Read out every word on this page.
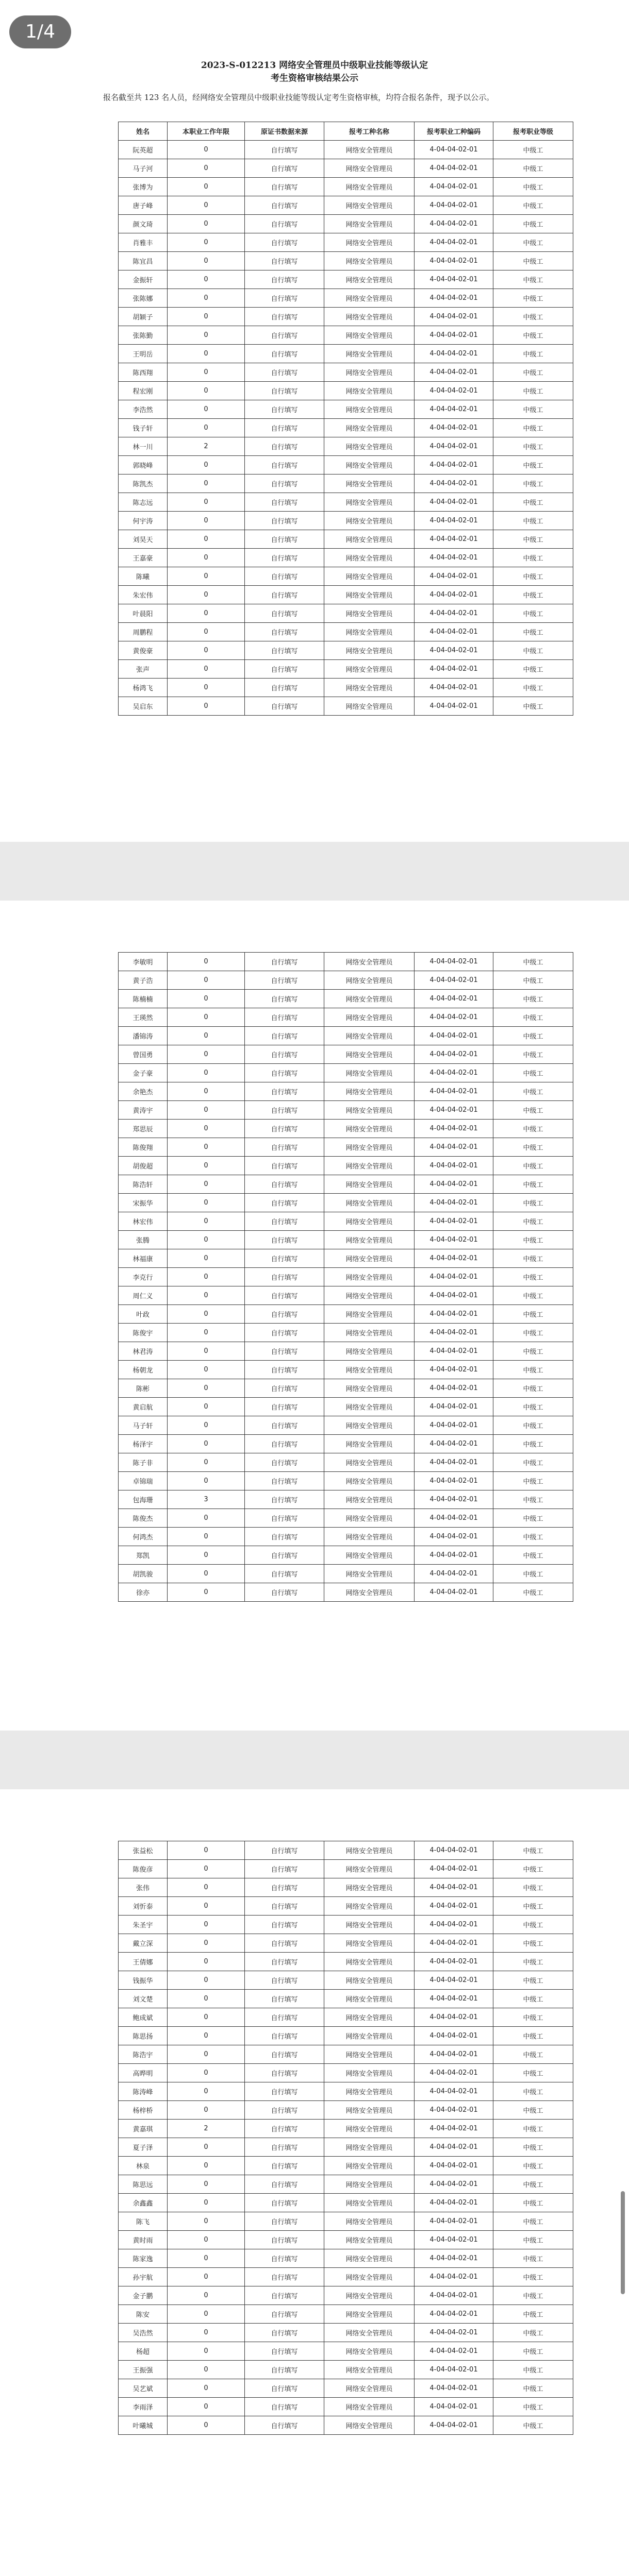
2023-S-012213 网络安全管理员中级职业技能等级认定
考生资格审核结果公示

报名截至共 123 名人员，经网络安全管理员中级职业技能等级认定考生资格审核，均符合报名条件，现予以公示。

姓名	本职业工作年限	原证书数据来源	报考工种名称	报考职业工种编码	报考职业等级
阮英超	0	自行填写	网络安全管理员	4-04-04-02-01	中级工
马子河	0	自行填写	网络安全管理员	4-04-04-02-01	中级工
张博为	0	自行填写	网络安全管理员	4-04-04-02-01	中级工
唐子峰	0	自行填写	网络安全管理员	4-04-04-02-01	中级工
颜文琦	0	自行填写	网络安全管理员	4-04-04-02-01	中级工
肖雅丰	0	自行填写	网络安全管理员	4-04-04-02-01	中级工
陈宜昌	0	自行填写	网络安全管理员	4-04-04-02-01	中级工
金振轩	0	自行填写	网络安全管理员	4-04-04-02-01	中级工
张陈娜	0	自行填写	网络安全管理员	4-04-04-02-01	中级工
胡颖子	0	自行填写	网络安全管理员	4-04-04-02-01	中级工
张陈勤	0	自行填写	网络安全管理员	4-04-04-02-01	中级工
王明岳	0	自行填写	网络安全管理员	4-04-04-02-01	中级工
陈西翔	0	自行填写	网络安全管理员	4-04-04-02-01	中级工
程宏刚	0	自行填写	网络安全管理员	4-04-04-02-01	中级工
李浩然	0	自行填写	网络安全管理员	4-04-04-02-01	中级工
钱子轩	0	自行填写	网络安全管理员	4-04-04-02-01	中级工
林一川	2	自行填写	网络安全管理员	4-04-04-02-01	中级工
郭晓峰	0	自行填写	网络安全管理员	4-04-04-02-01	中级工
陈凯杰	0	自行填写	网络安全管理员	4-04-04-02-01	中级工
陈志远	0	自行填写	网络安全管理员	4-04-04-02-01	中级工
何宇涛	0	自行填写	网络安全管理员	4-04-04-02-01	中级工
刘昊天	0	自行填写	网络安全管理员	4-04-04-02-01	中级工
王嘉豪	0	自行填写	网络安全管理员	4-04-04-02-01	中级工
陈曦	0	自行填写	网络安全管理员	4-04-04-02-01	中级工
朱宏伟	0	自行填写	网络安全管理员	4-04-04-02-01	中级工
叶晨阳	0	自行填写	网络安全管理员	4-04-04-02-01	中级工
周鹏程	0	自行填写	网络安全管理员	4-04-04-02-01	中级工
黄俊豪	0	自行填写	网络安全管理员	4-04-04-02-01	中级工
张声	0	自行填写	网络安全管理员	4-04-04-02-01	中级工
杨鸿飞	0	自行填写	网络安全管理员	4-04-04-02-01	中级工
吴启东	0	自行填写	网络安全管理员	4-04-04-02-01	中级工
1/4
李敏明	0	自行填写	网络安全管理员	4-04-04-02-01	中级工
黄子浩	0	自行填写	网络安全管理员	4-04-04-02-01	中级工
陈楠楠	0	自行填写	网络安全管理员	4-04-04-02-01	中级工
王瑛然	0	自行填写	网络安全管理员	4-04-04-02-01	中级工
潘锦涛	0	自行填写	网络安全管理员	4-04-04-02-01	中级工
曾国勇	0	自行填写	网络安全管理员	4-04-04-02-01	中级工
金子豪	0	自行填写	网络安全管理员	4-04-04-02-01	中级工
余艳杰	0	自行填写	网络安全管理员	4-04-04-02-01	中级工
黄涛宇	0	自行填写	网络安全管理员	4-04-04-02-01	中级工
郑思辰	0	自行填写	网络安全管理员	4-04-04-02-01	中级工
陈俊翔	0	自行填写	网络安全管理员	4-04-04-02-01	中级工
胡俊超	0	自行填写	网络安全管理员	4-04-04-02-01	中级工
陈浩轩	0	自行填写	网络安全管理员	4-04-04-02-01	中级工
宋振华	0	自行填写	网络安全管理员	4-04-04-02-01	中级工
林宏伟	0	自行填写	网络安全管理员	4-04-04-02-01	中级工
张腾	0	自行填写	网络安全管理员	4-04-04-02-01	中级工
林福康	0	自行填写	网络安全管理员	4-04-04-02-01	中级工
李克行	0	自行填写	网络安全管理员	4-04-04-02-01	中级工
周仁义	0	自行填写	网络安全管理员	4-04-04-02-01	中级工
叶政	0	自行填写	网络安全管理员	4-04-04-02-01	中级工
陈俊宇	0	自行填写	网络安全管理员	4-04-04-02-01	中级工
林君涛	0	自行填写	网络安全管理员	4-04-04-02-01	中级工
杨朝龙	0	自行填写	网络安全管理员	4-04-04-02-01	中级工
陈彬	0	自行填写	网络安全管理员	4-04-04-02-01	中级工
黄启航	0	自行填写	网络安全管理员	4-04-04-02-01	中级工
马子轩	0	自行填写	网络安全管理员	4-04-04-02-01	中级工
杨泽宇	0	自行填写	网络安全管理员	4-04-04-02-01	中级工
陈子非	0	自行填写	网络安全管理员	4-04-04-02-01	中级工
卓锦瑞	0	自行填写	网络安全管理员	4-04-04-02-01	中级工
包海珊	3	自行填写	网络安全管理员	4-04-04-02-01	中级工
陈俊杰	0	自行填写	网络安全管理员	4-04-04-02-01	中级工
何鸿杰	0	自行填写	网络安全管理员	4-04-04-02-01	中级工
郑凯	0	自行填写	网络安全管理员	4-04-04-02-01	中级工
胡凯骏	0	自行填写	网络安全管理员	4-04-04-02-01	中级工
徐亦	0	自行填写	网络安全管理员	4-04-04-02-01	中级工
张益松	0	自行填写	网络安全管理员	4-04-04-02-01	中级工
陈俊彦	0	自行填写	网络安全管理员	4-04-04-02-01	中级工
张伟	0	自行填写	网络安全管理员	4-04-04-02-01	中级工
刘忻泰	0	自行填写	网络安全管理员	4-04-04-02-01	中级工
朱圣宇	0	自行填写	网络安全管理员	4-04-04-02-01	中级工
戴立深	0	自行填写	网络安全管理员	4-04-04-02-01	中级工
王倩娜	0	自行填写	网络安全管理员	4-04-04-02-01	中级工
钱振华	0	自行填写	网络安全管理员	4-04-04-02-01	中级工
刘文楚	0	自行填写	网络安全管理员	4-04-04-02-01	中级工
鲍成斌	0	自行填写	网络安全管理员	4-04-04-02-01	中级工
陈思扬	0	自行填写	网络安全管理员	4-04-04-02-01	中级工
陈浩宇	0	自行填写	网络安全管理员	4-04-04-02-01	中级工
高晔明	0	自行填写	网络安全管理员	4-04-04-02-01	中级工
陈涛峰	0	自行填写	网络安全管理员	4-04-04-02-01	中级工
杨梓桥	0	自行填写	网络安全管理员	4-04-04-02-01	中级工
黄嘉琪	2	自行填写	网络安全管理员	4-04-04-02-01	中级工
夏子泽	0	自行填写	网络安全管理员	4-04-04-02-01	中级工
林泉	0	自行填写	网络安全管理员	4-04-04-02-01	中级工
陈思远	0	自行填写	网络安全管理员	4-04-04-02-01	中级工
余鑫鑫	0	自行填写	网络安全管理员	4-04-04-02-01	中级工
陈飞	0	自行填写	网络安全管理员	4-04-04-02-01	中级工
黄时雨	0	自行填写	网络安全管理员	4-04-04-02-01	中级工
陈家逸	0	自行填写	网络安全管理员	4-04-04-02-01	中级工
孙宇航	0	自行填写	网络安全管理员	4-04-04-02-01	中级工
金子鹏	0	自行填写	网络安全管理员	4-04-04-02-01	中级工
陈安	0	自行填写	网络安全管理员	4-04-04-02-01	中级工
吴浩然	0	自行填写	网络安全管理员	4-04-04-02-01	中级工
杨超	0	自行填写	网络安全管理员	4-04-04-02-01	中级工
王振强	0	自行填写	网络安全管理员	4-04-04-02-01	中级工
吴艺斌	0	自行填写	网络安全管理员	4-04-04-02-01	中级工
李雨泽	0	自行填写	网络安全管理员	4-04-04-02-01	中级工
叶曦城	0	自行填写	网络安全管理员	4-04-04-02-01	中级工
